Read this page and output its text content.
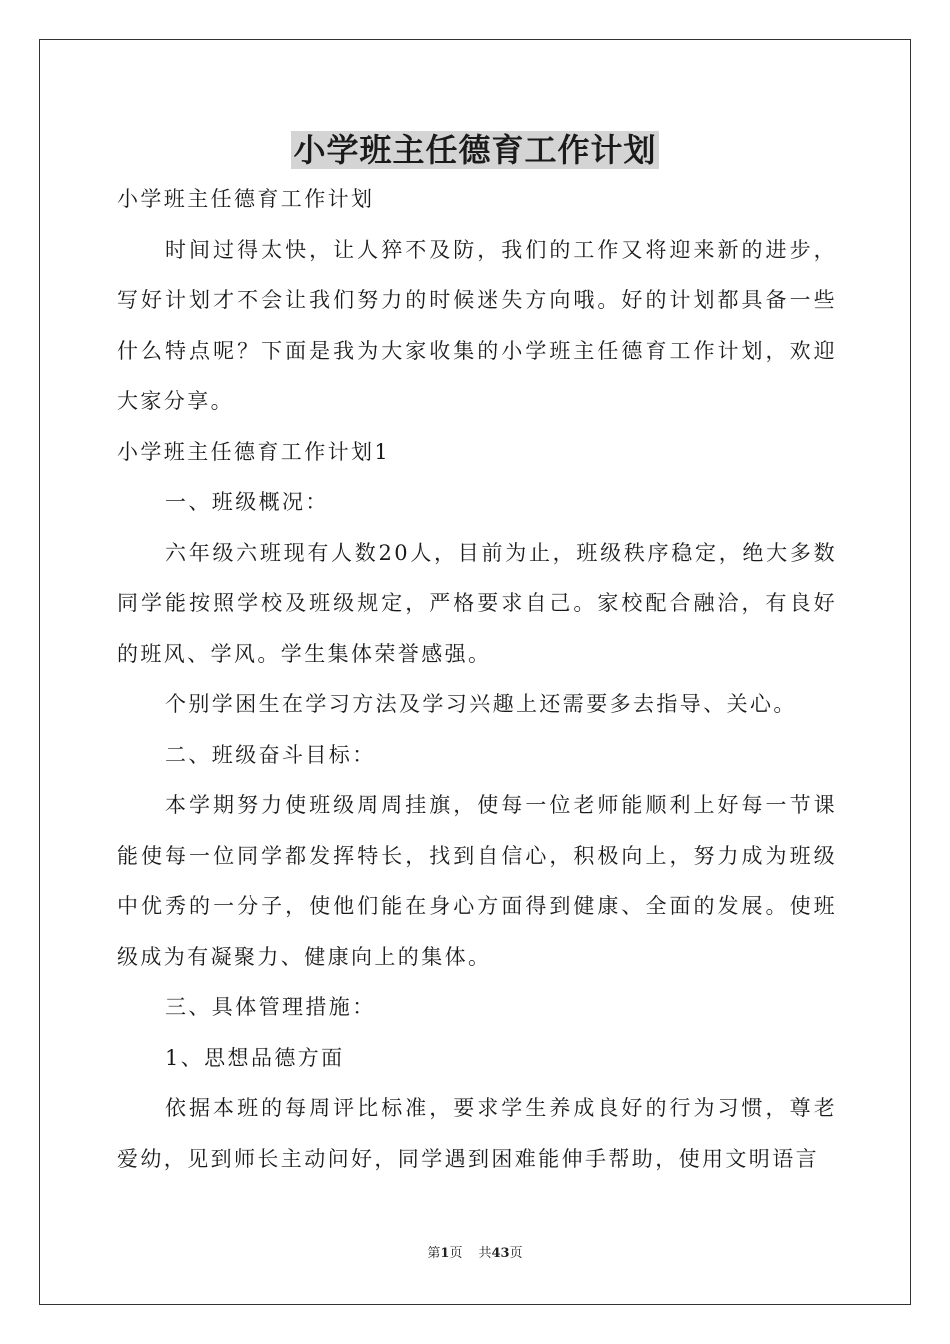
小学班主任德育工作计划

小学班主任德育工作计划

时间过得太快，让人猝不及防，我们的工作又将迎来新的进步，写好计划才不会让我们努力的时候迷失方向哦。好的计划都具备一些什么特点呢？下面是我为大家收集的小学班主任德育工作计划，欢迎大家分享。

小学班主任德育工作计划1

一、班级概况：

六年级六班现有人数20人，目前为止，班级秩序稳定，绝大多数同学能按照学校及班级规定，严格要求自己。家校配合融洽，有良好的班风、学风。学生集体荣誉感强。

个别学困生在学习方法及学习兴趣上还需要多去指导、关心。

二、班级奋斗目标：

本学期努力使班级周周挂旗，使每一位老师能顺利上好每一节课能使每一位同学都发挥特长，找到自信心，积极向上，努力成为班级中优秀的一分子，使他们能在身心方面得到健康、全面的发展。使班级成为有凝聚力、健康向上的集体。

三、具体管理措施：

1、思想品德方面

依据本班的每周评比标准，要求学生养成良好的行为习惯，尊老爱幼，见到师长主动问好，同学遇到困难能伸手帮助，使用文明语言

第1页 共43页
